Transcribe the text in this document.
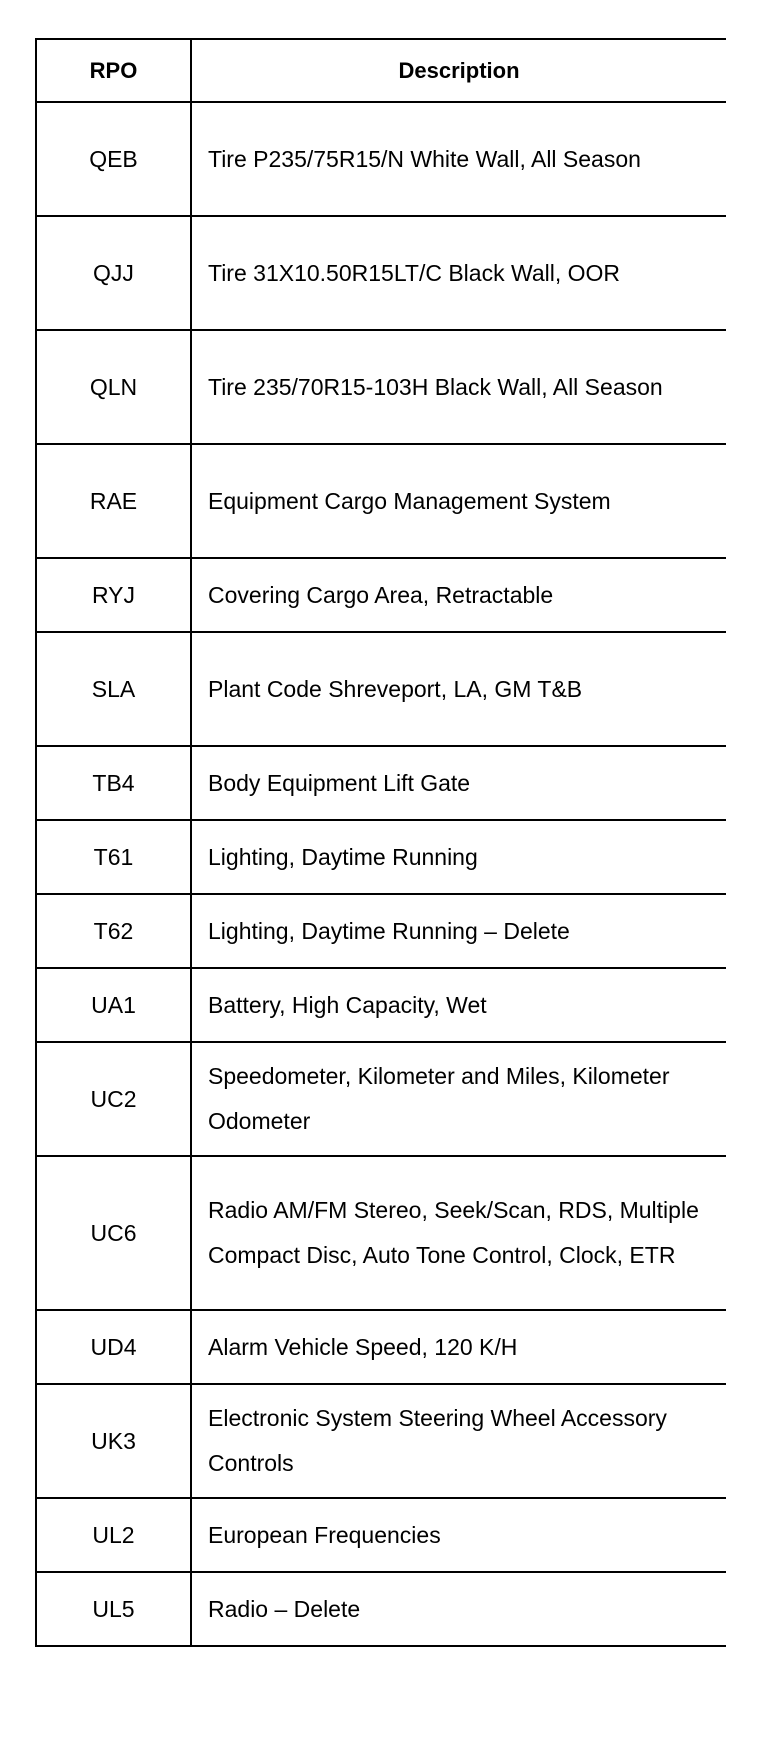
RPO	Description
QEB	Tire P235/75R15/N White Wall, All Season
QJJ	Tire 31X10.50R15LT/C Black Wall, OOR
QLN	Tire 235/70R15-103H Black Wall, All Season
RAE	Equipment Cargo Management System
RYJ	Covering Cargo Area, Retractable
SLA	Plant Code Shreveport, LA, GM T&B
TB4	Body Equipment Lift Gate
T61	Lighting, Daytime Running
T62	Lighting, Daytime Running – Delete
UA1	Battery, High Capacity, Wet
UC2	Speedometer, Kilometer and Miles, Kilometer Odometer
UC6	Radio AM/FM Stereo, Seek/Scan, RDS, Multiple Compact Disc, Auto Tone Control, Clock, ETR
UD4	Alarm Vehicle Speed, 120 K/H
UK3	Electronic System Steering Wheel Accessory Controls
UL2	European Frequencies
UL5	Radio – Delete
